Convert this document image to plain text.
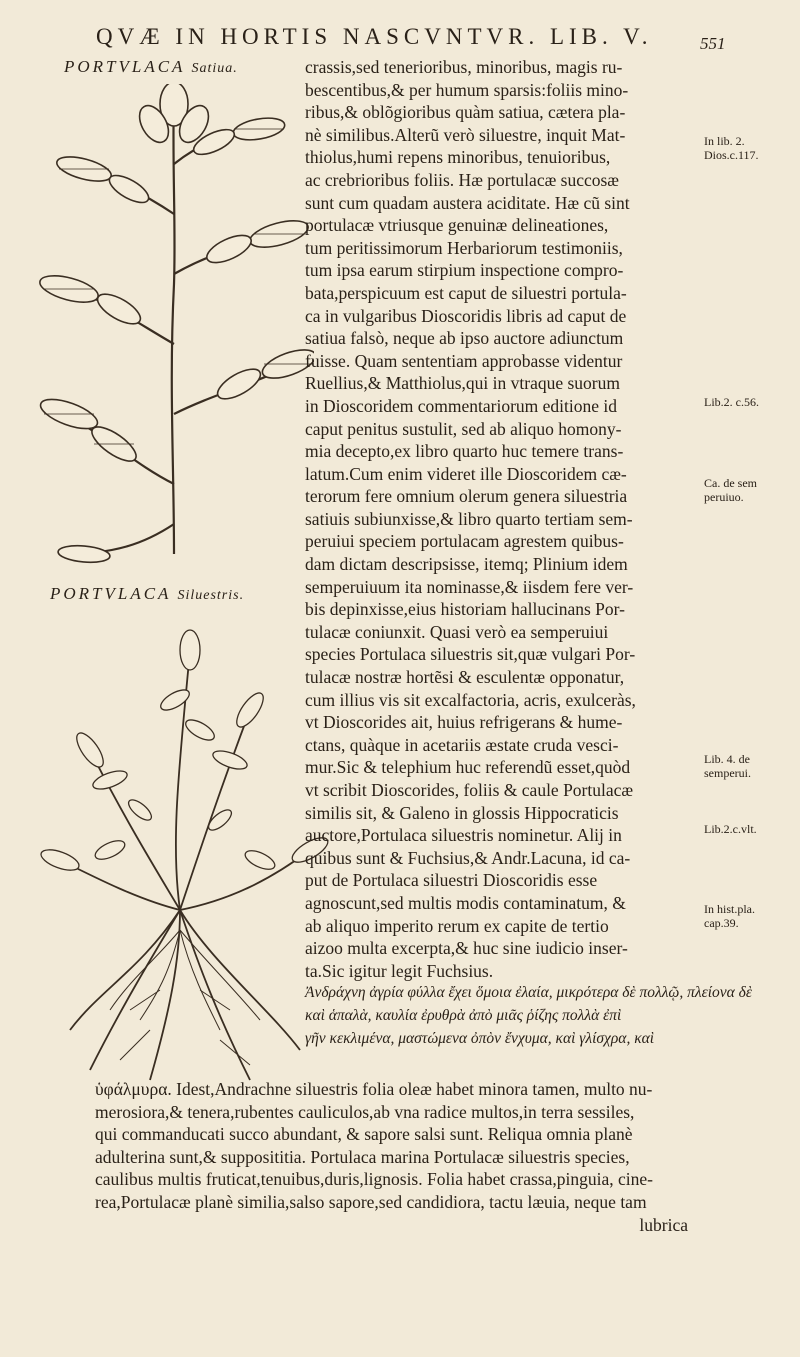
QVÆ IN HORTIS NASCVNTVR. LIB. V.	551
PORTVLACA Satiua.
PORTVLACA Siluestris.
crassis,sed tenerioribus, minoribus, magis ru-
bescentibus,& per humum sparsis:foliis mino-
ribus,& oblõgioribus quàm satiua, cætera pla-
nè similibus.Alterũ verò siluestre, inquit Mat-
thiolus,humi repens minoribus, tenuioribus,
ac crebrioribus foliis. Hæ portulacæ succosæ
sunt cum quadam austera aciditate. Hæ cũ sint
portulacæ vtriusque genuinæ delineationes,
tum peritissimorum Herbariorum testimoniis,
tum ipsa earum stirpium inspectione compro-
bata,perspicuum est caput de siluestri portula-
ca in vulgaribus Dioscoridis libris ad caput de
satiua falsò, neque ab ipso auctore adiunctum
fuisse. Quam sententiam approbasse videntur
Ruellius,& Matthiolus,qui in vtraque suorum
in Dioscoridem commentariorum editione id
caput penitus sustulit, sed ab aliquo homony-
mia decepto,ex libro quarto huc temere trans-
latum.Cum enim videret ille Dioscoridem cæ-
terorum fere omnium olerum genera siluestria
satiuis subiunxisse,& libro quarto tertiam sem-
peruiui speciem portulacam agrestem quibus-
dam dictam descripsisse, itemq; Plinium idem
semperuiuum ita nominasse,& iisdem fere ver-
bis depinxisse,eius historiam hallucinans Por-
tulacæ coniunxit. Quasi verò ea semperuiui
species Portulaca siluestris sit,quæ vulgari Por-
tulacæ nostræ hortẽsi & esculentæ opponatur,
cum illius vis sit excalfactoria, acris, exulceràs,
vt Dioscorides ait, huius refrigerans & hume-
ctans, quàque in acetariis æstate cruda vesci-
mur.Sic & telephium huc referendũ esset,quòd
vt scribit Dioscorides, foliis & caule Portulacæ
similis sit, & Galeno in glossis Hippocraticis
auctore,Portulaca siluestris nominetur. Alij in
quibus sunt & Fuchsius,& Andr.Lacuna, id ca-
put de Portulaca siluestri Dioscoridis esse
agnoscunt,sed multis modis contaminatum, &
ab aliquo imperito rerum ex capite de tertio
aizoo multa excerpta,& huc sine iudicio inser-
ta.Sic igitur legit Fuchsius.
Ἀνδράχνη ἀγρία φύλλα ἔχει ὅμοια ἐλαία, μικρότερα δὲ πολλῷ, πλείονα δὲ
καὶ ἁπαλὰ, καυλία ἐρυθρὰ ἀπὸ μιᾶς ῥίζης πολλὰ ἐπὶ
γῆν κεκλιμένα, μαστώμενα ὀπὸν ἔνχυμα, καὶ γλίσχρα, καὶ
ὑφάλμυρα. Idest,Andrachne siluestris folia oleæ habet minora tamen, multo nu-
merosiora,& tenera,rubentes cauliculos,ab vna radice multos,in terra sessiles,
qui commanducati succo abundant, & sapore salsi sunt. Reliqua omnia planè
adulterina sunt,& supposititia. Portulaca marina Portulacæ siluestris species,
caulibus multis fruticat,tenuibus,duris,lignosis. Folia habet crassa,pinguia, cine-
rea,Portulacæ planè similia,salso sapore,sed candidiora, tactu læuia, neque tam
lubrica
In lib. 2.
Dios.c.117.
Lib.2. c.56.
Ca. de sem
peruiuo.
Lib. 4. de
semperui.
Lib.2.c.vlt.
In hist.pla.
cap.39.
